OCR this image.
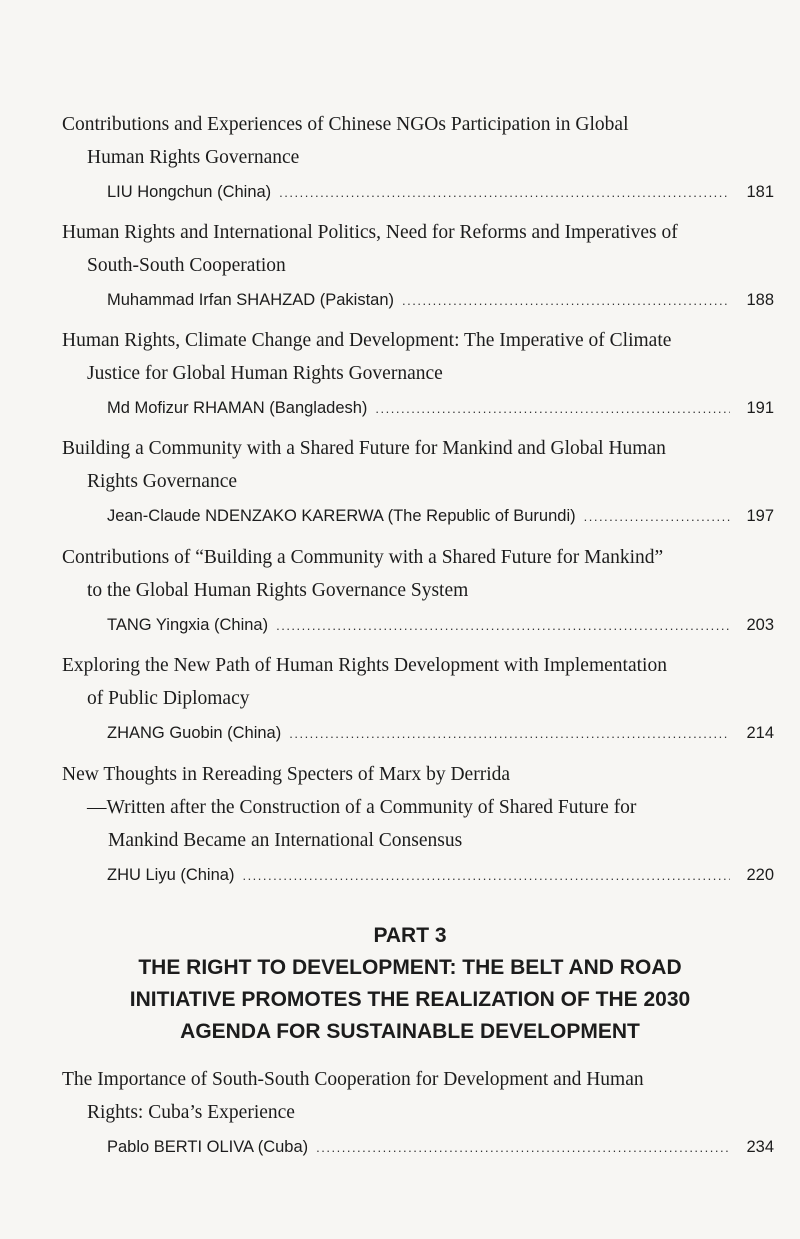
Contributions and Experiences of Chinese NGOs Participation in Global
Human Rights Governance

LIU Hongchun (China) .....	181

Human Rights and International Politics, Need for Reforms and Imperatives of
South-South Cooperation

Muhammad Irfan SHAHZAD (Pakistan) .....	188

Human Rights, Climate Change and Development: The Imperative of Climate
Justice for Global Human Rights Governance

Md Mofizur RHAMAN (Bangladesh) .....	191

Building a Community with a Shared Future for Mankind and Global Human
Rights Governance

Jean-Claude NDENZAKO KARERWA (The Republic of Burundi) .....	197

Contributions of “Building a Community with a Shared Future for Mankind”
to the Global Human Rights Governance System

TANG Yingxia (China) .....	203

Exploring the New Path of Human Rights Development with Implementation
of Public Diplomacy

ZHANG Guobin (China) .....	214

New Thoughts in Rereading Specters of Marx by Derrida
—Written after the Construction of a Community of Shared Future for
Mankind Became an International Consensus

ZHU Liyu (China) .....	220
PART 3
THE RIGHT TO DEVELOPMENT: THE BELT AND ROAD
INITIATIVE PROMOTES THE REALIZATION OF THE 2030
AGENDA FOR SUSTAINABLE DEVELOPMENT

The Importance of South-South Cooperation for Development and Human
Rights: Cuba’s Experience

Pablo BERTI OLIVA (Cuba) .....	234
